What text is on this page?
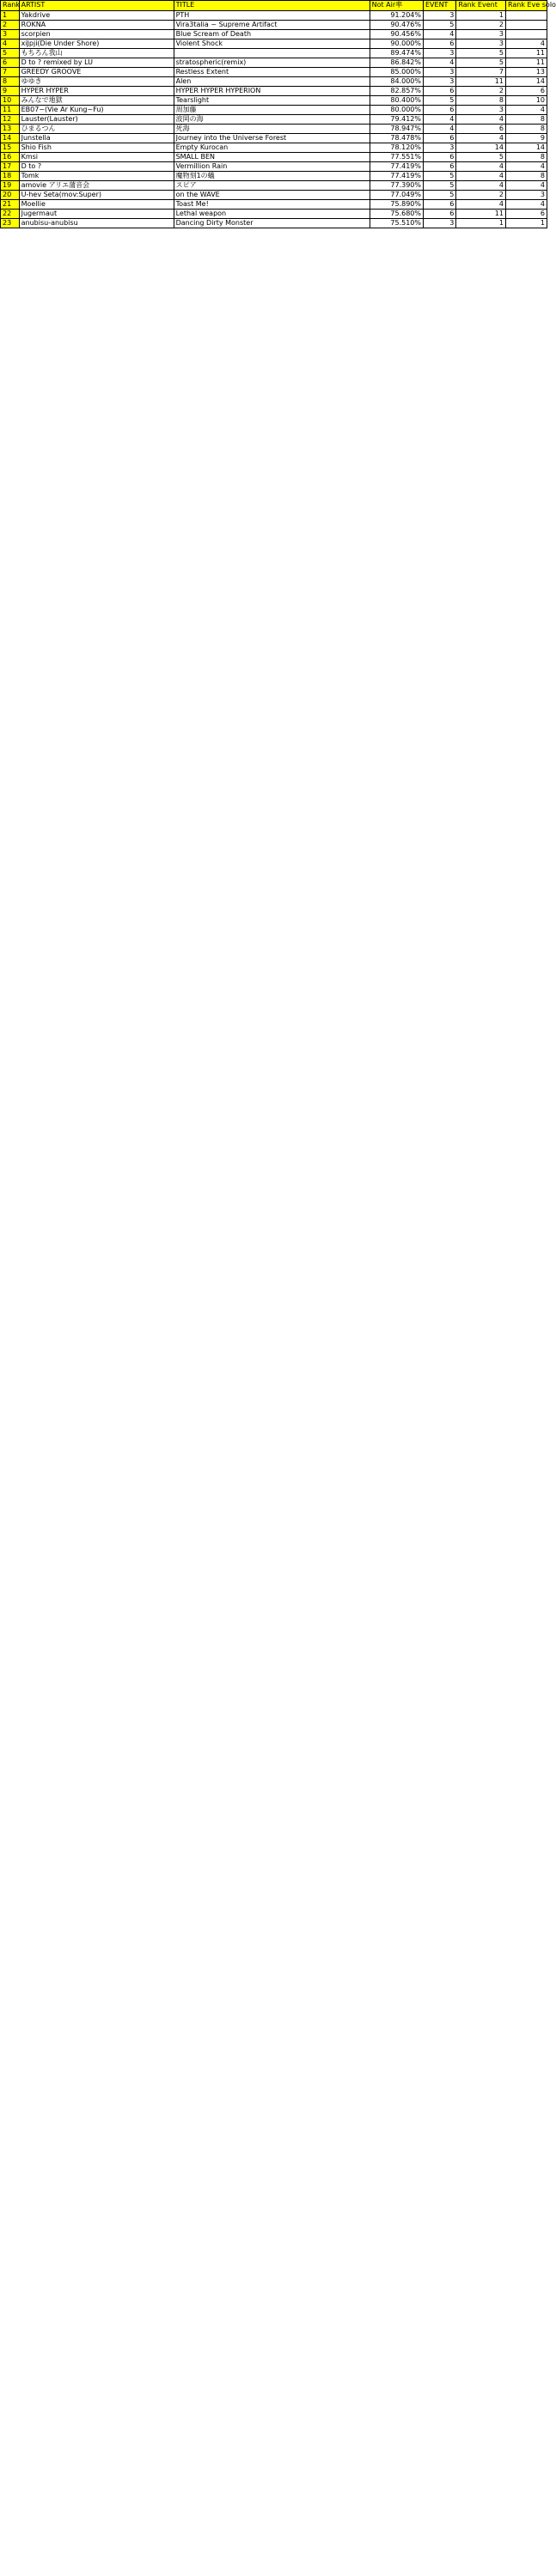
Rank	ARTIST	TITLE	Not Air率	EVENT	Rank Event	Rank Eve solo
1	Yakdrive	PTH	91.204%	3	1	
2	ROKNA	Vira3talia ~ Supreme Artifact	90.476%	5	2	
3	scorpien	Blue Scream of Death	90.456%	4	3	
4	xiJpji(Die Under Shore)	Violent Shock	90.000%	6	3	4
5	もちろん我山		89.474%	3	5	11
6	D to ? remixed by LU	stratospheric(remix)	86.842%	4	5	11
7	GREEDY GROOVE	Restless Extent	85.000%	3	7	13
8	ゆゆき	Alen	84.000%	3	11	14
9	HYPER HYPER	HYPER HYPER HYPERION	82.857%	6	2	6
10	みんなで地獄	Tearslight	80.400%	5	8	10
11	EB07~(Vie Ar Kung~Fu)	周加藤	80.000%	6	3	4
12	Lauster(Lauster)	波岡の海	79.412%	4	4	8
13	ひまるつん	死海	78.947%	4	6	8
14	Junstella	Journey into the Universe Forest	78.478%	6	4	9
15	Shio Fish	Empty Kurocan	78.120%	3	14	14
16	Kmsi	SMALL BEN	77.551%	6	5	8
17	D to ?	Vermillion Rain	77.419%	6	4	4
18	Tomk	魔物刻1の蟻	77.419%	5	4	8
19	amovie アリエ蒲音会	スピア	77.390%	5	4	4
20	U-hev Seta(mov:Super)	on the WAVE	77.049%	5	2	3
21	Moellie	Toast Me!	75.890%	6	4	4
22	Jugermaut	Lethal weapon	75.680%	6	11	6
23	anubisu-anubisu	Dancing Dirty Monster	75.510%	3	1	1
